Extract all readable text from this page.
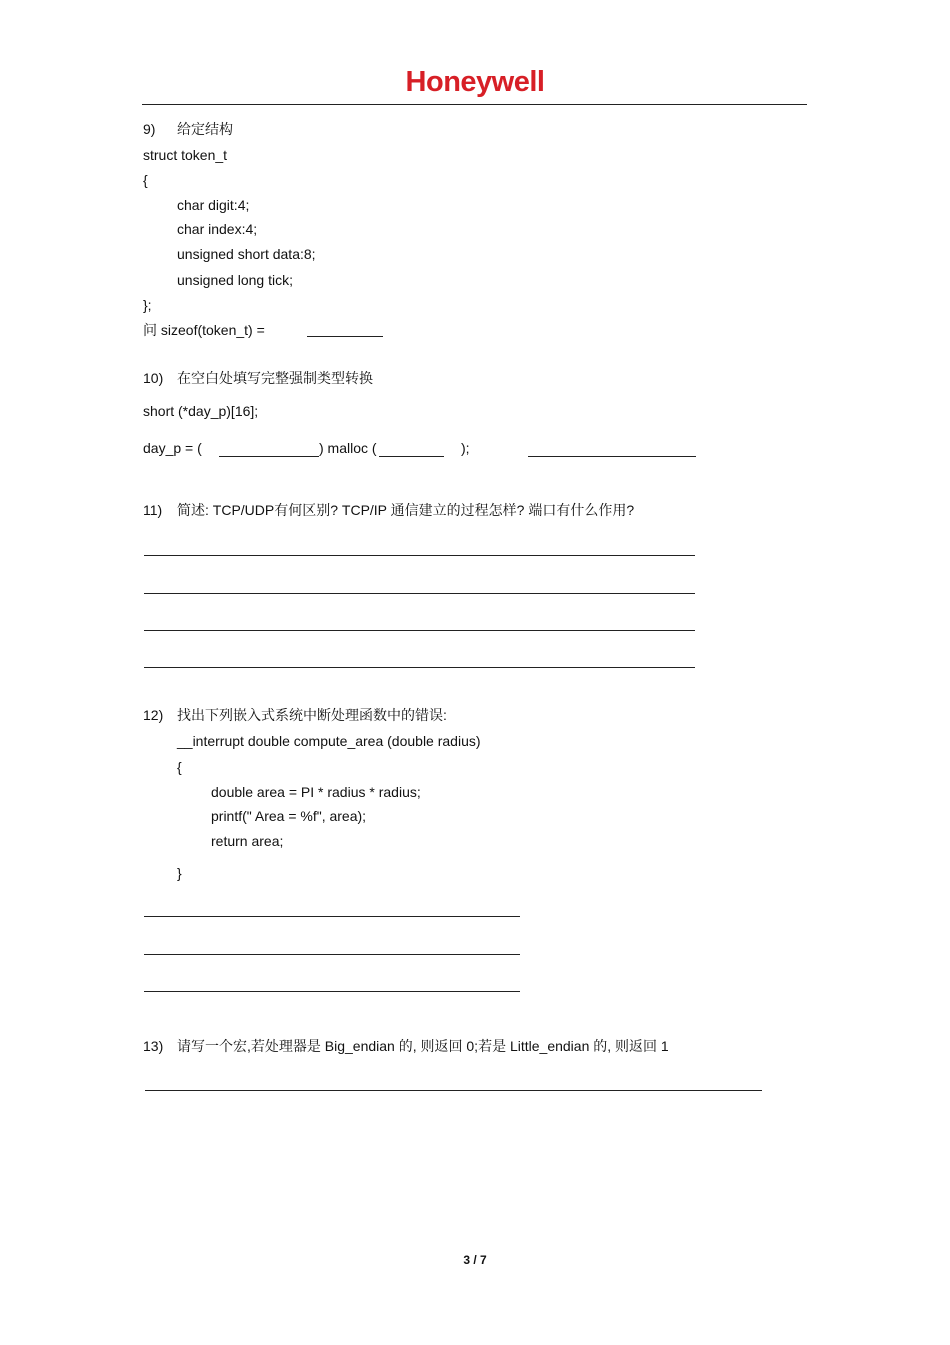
Honeywell
9) 给定结构
struct token_t
{
char digit:4;
char index:4;
unsigned short data:8;
unsigned long tick;
};
问 sizeof(token_t) =
10) 在空白处填写完整强制类型转换
short (*day_p)[16];
day_p = (	) malloc (	);
11) 简述: TCP/UDP有何区别? TCP/IP 通信建立的过程怎样? 端口有什么作用?
12) 找出下列嵌入式系统中断处理函数中的错误:
__interrupt double compute_area (double radius)
{
double area = PI * radius * radius;
printf(" Area = %f", area);
return area;
}
13) 请写一个宏,若处理器是 Big_endian 的, 则返回 0;若是 Little_endian 的, 则返回 1
3 / 7
